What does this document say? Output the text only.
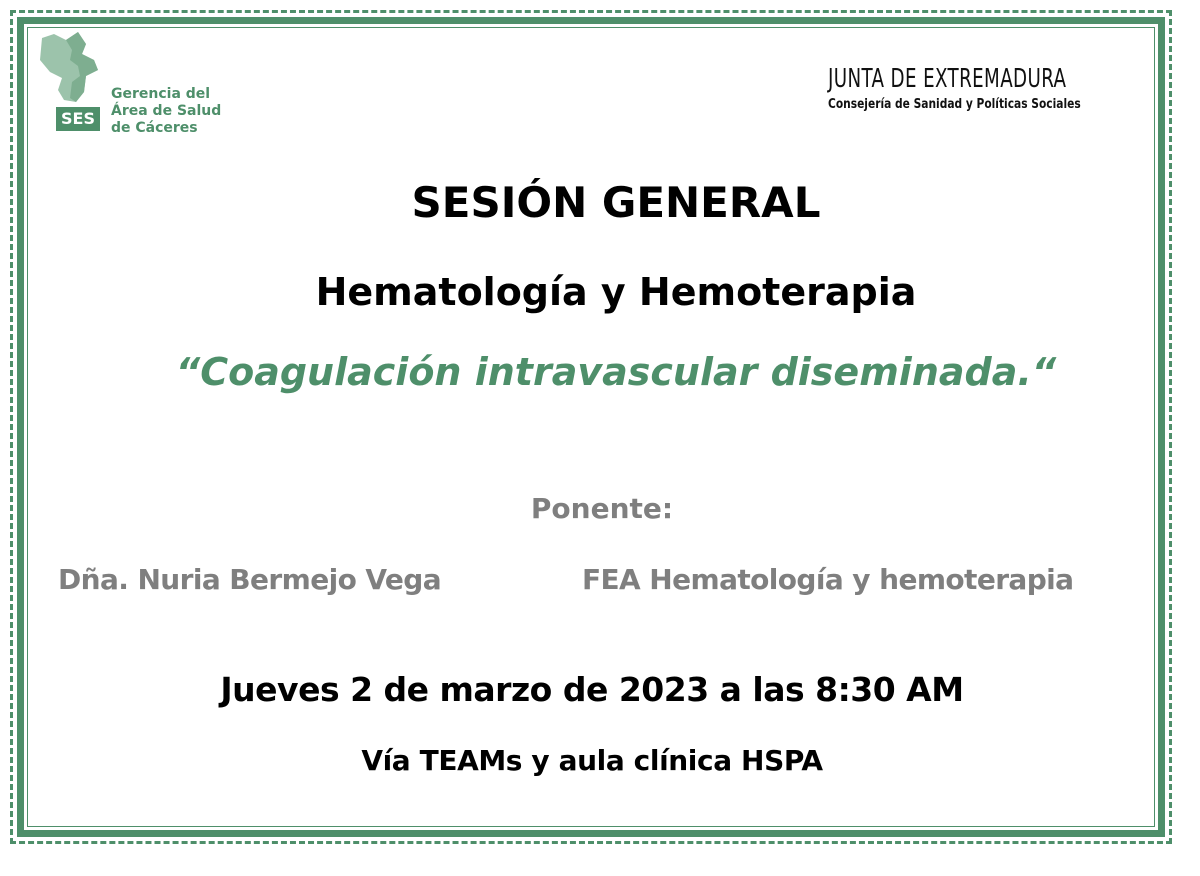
SES
Gerencia del
Área de Salud
de Cáceres
JUNTA DE EXTREMADURA
Consejería de Sanidad y Políticas Sociales
SESIÓN GENERAL
Hematología y Hemoterapia
“Coagulación intravascular diseminada.“
Ponente:
Dña. Nuria Bermejo Vega	FEA Hematología y hemoterapia
Jueves 2 de marzo de 2023 a las 8:30 AM
Vía TEAMs y aula clínica HSPA
